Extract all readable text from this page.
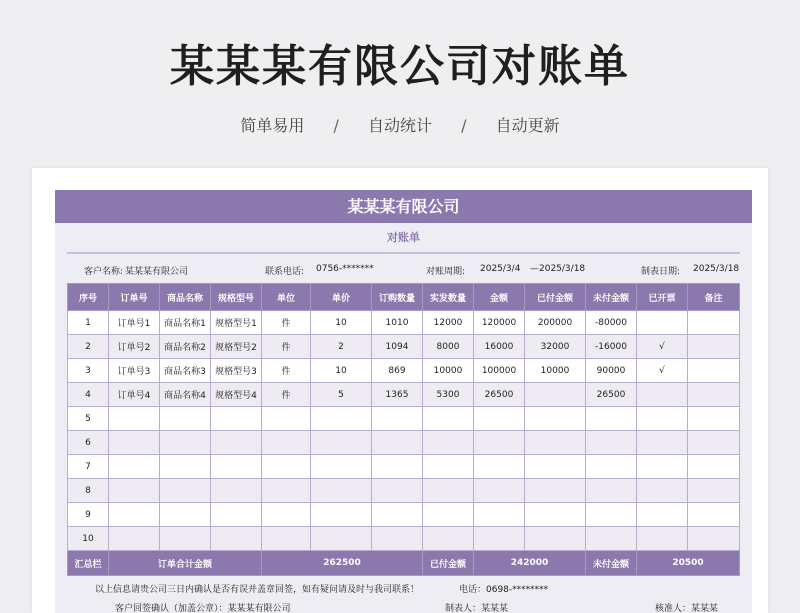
某某某有限公司对账单
简单易用 / 自动统计 / 自动更新
某某某有限公司
对账单
客户名称: 某某某有限公司	联系电话: 0756-*******	对账周期: 2025/3/4 —2025/3/18	制表日期: 2025/3/18
序号	订单号	商品名称	规格型号	单位	单价	订购数量	实发数量	金额	已付金额	未付金额	已开票	备注
1	订单号1	商品名称1	规格型号1	件	10	1010	12000	120000	200000	-80000		
2	订单号2	商品名称2	规格型号2	件	2	1094	8000	16000	32000	-16000	√	
3	订单号3	商品名称3	规格型号3	件	10	869	10000	100000	10000	90000	√	
4	订单号4	商品名称4	规格型号4	件	5	1365	5300	26500		26500		
5												
6												
7												
8												
9												
10												
汇总栏	订单合计金额			262500			已付金额	242000		未付金额	20500	
以上信息请贵公司三日内确认是否有误并盖章回签，如有疑问请及时与我司联系！	电话：0698-********
客户回签确认（加盖公章）：某某某有限公司	制表人：某某某	核准人：某某某
